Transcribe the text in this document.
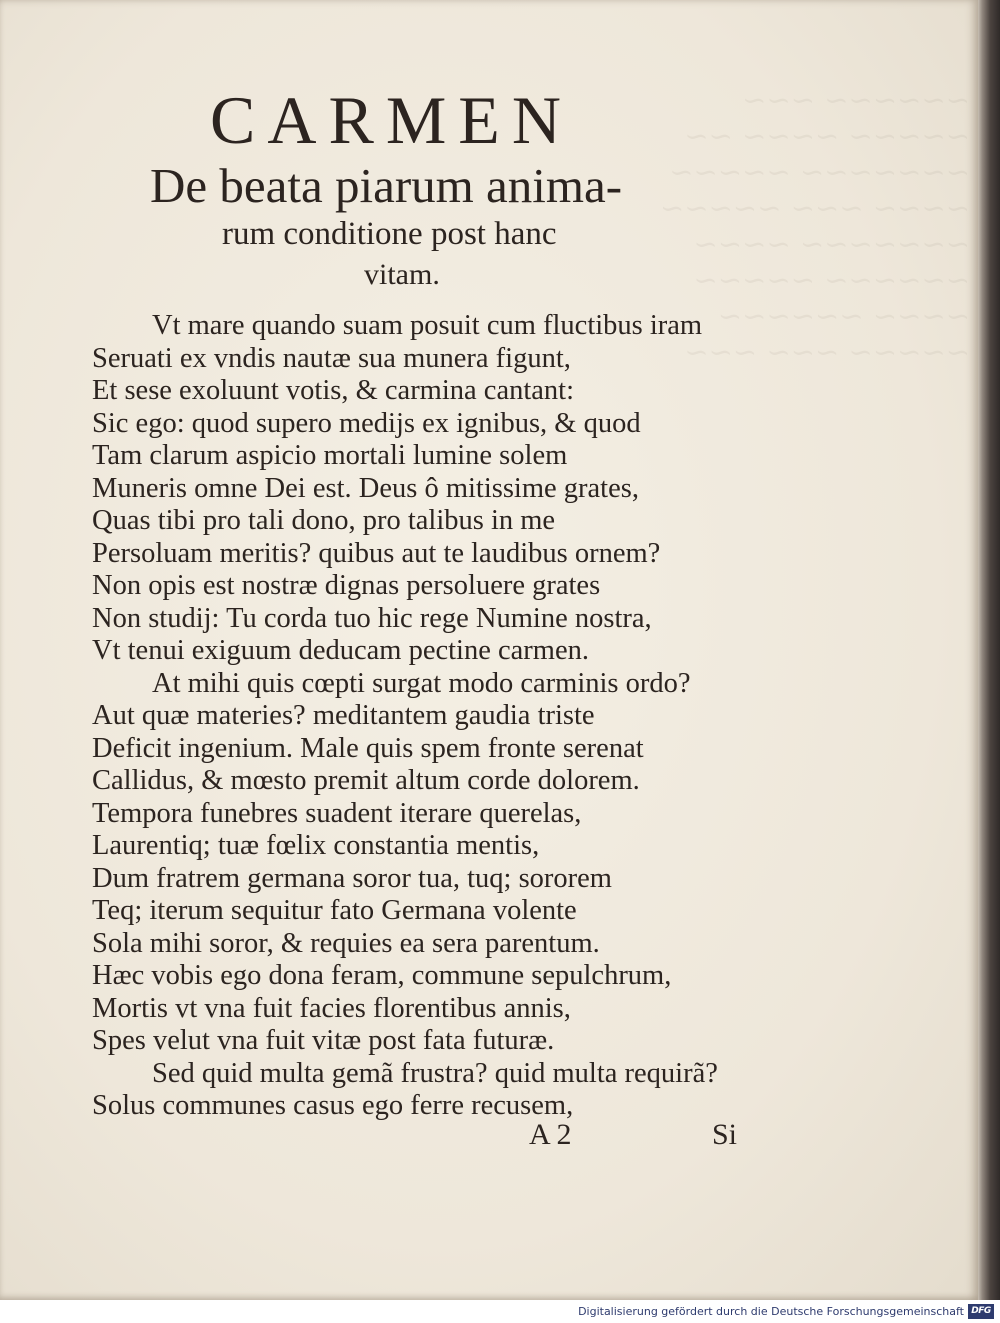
~~~~~~ ~~~
~~~~~ ~~~~ ~~
~~~~~~~ ~~~~~
~~~~ ~~~ ~~~~~
~~~~~~~ ~~~~
~~~~~~ ~~~~~
~~~~ ~~~~~~
~~~~~ ~~~ ~~~
CARMEN
De beata piarum anima-
rum conditione post hanc
vitam.
Vt mare quando suam posuit cum fluctibus iram
Seruati ex vndis nautæ sua munera figunt,
Et sese exoluunt votis, & carmina cantant:
Sic ego: quod supero medijs ex ignibus, & quod
Tam clarum aspicio mortali lumine solem
Muneris omne Dei est. Deus ô mitissime grates,
Quas tibi pro tali dono, pro talibus in me
Persoluam meritis? quibus aut te laudibus ornem?
Non opis est nostræ dignas persoluere grates
Non studij: Tu corda tuo hic rege Numine nostra,
Vt tenui exiguum deducam pectine carmen.
At mihi quis cœpti surgat modo carminis ordo?
Aut quæ materies? meditantem gaudia triste
Deficit ingenium. Male quis spem fronte serenat
Callidus, & mœsto premit altum corde dolorem.
Tempora funebres suadent iterare querelas,
Laurentiq; tuæ fœlix constantia mentis,
Dum fratrem germana soror tua, tuq; sororem
Teq; iterum sequitur fato Germana volente
Sola mihi soror, & requies ea sera parentum.
Hæc vobis ego dona feram, commune sepulchrum,
Mortis vt vna fuit facies florentibus annis,
Spes velut vna fuit vitæ post fata futuræ.
Sed quid multa gemã frustra? quid multa requirã?
Solus communes casus ego ferre recusem,
A 2	Si
Digitalisierung gefördert durch die Deutsche Forschungsgemeinschaft DFG
